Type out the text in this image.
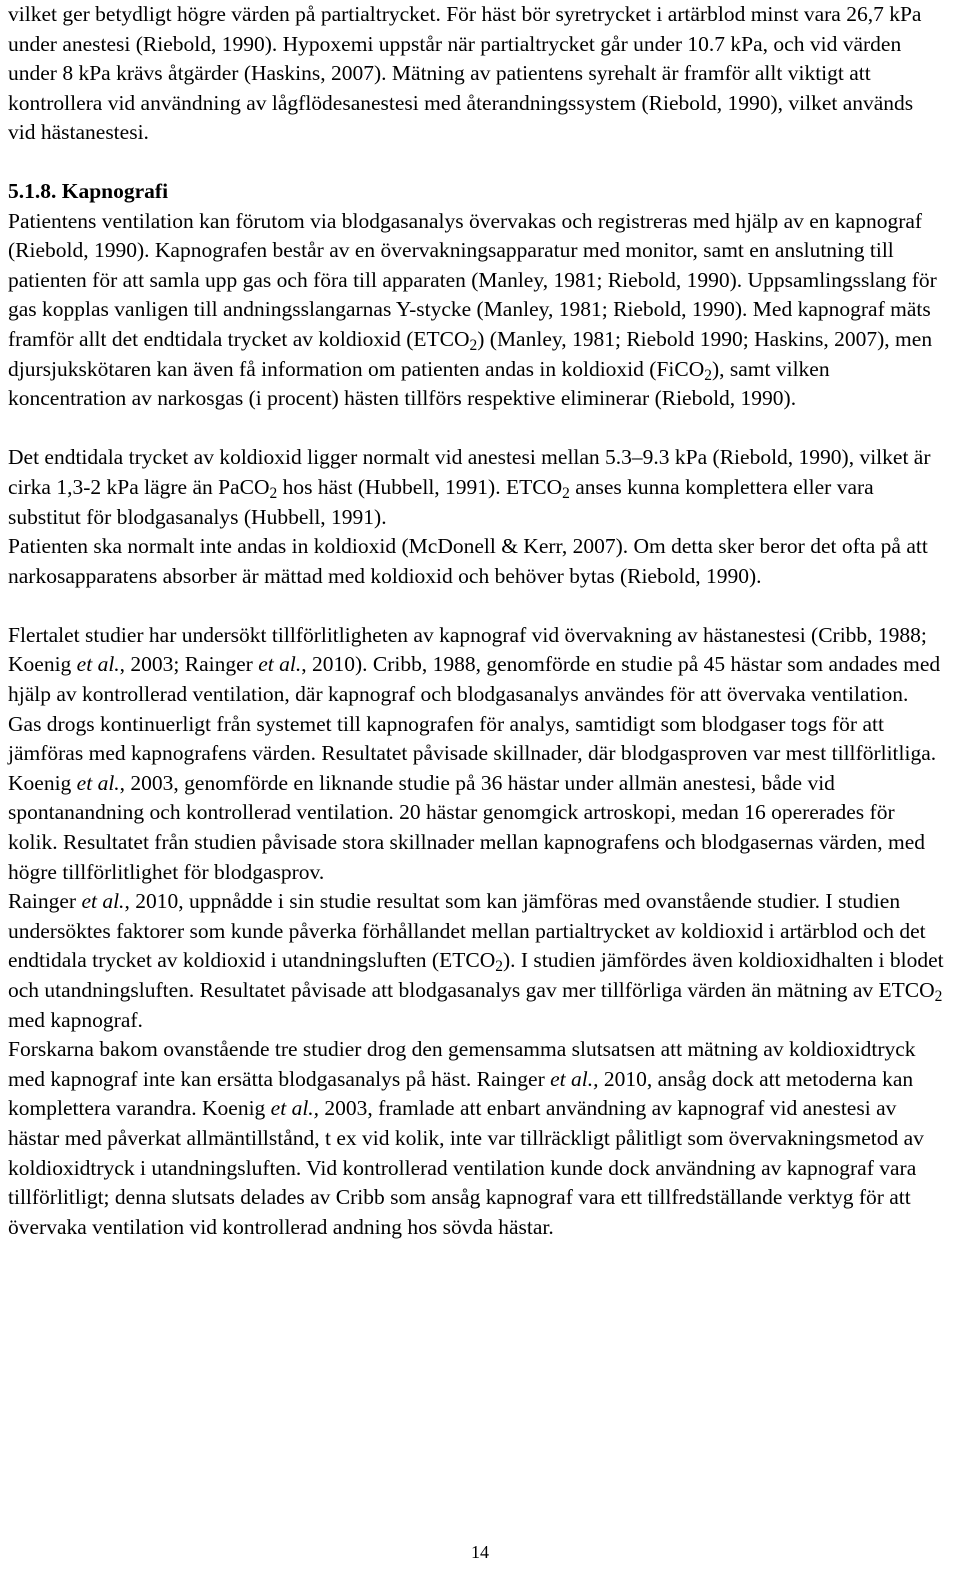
vilket ger betydligt högre värden på partialtrycket. För häst bör syretrycket i artärblod minst vara 26,7 kPa under anestesi (Riebold, 1990). Hypoxemi uppstår när partialtrycket går under 10.7 kPa, och vid värden under 8 kPa krävs åtgärder (Haskins, 2007). Mätning av patientens syrehalt är framför allt viktigt att kontrollera vid användning av lågflödesanestesi med återandningssystem (Riebold, 1990), vilket används vid hästanestesi.

5.1.8. Kapnografi

Patientens ventilation kan förutom via blodgasanalys övervakas och registreras med hjälp av en kapnograf (Riebold, 1990). Kapnografen består av en övervakningsapparatur med monitor, samt en anslutning till patienten för att samla upp gas och föra till apparaten (Manley, 1981; Riebold, 1990). Uppsamlingsslang för gas kopplas vanligen till andningsslangarnas Y-stycke (Manley, 1981; Riebold, 1990). Med kapnograf mäts framför allt det endtidala trycket av koldioxid $(ETCO_2)$ (Manley, 1981; Riebold 1990; Haskins, 2007), men djursjukskötaren kan även få information om patienten andas in koldioxid (FiCO$_2$), samt vilken koncentration av narkosgas (i procent) hästen tillförs respektive eliminerar (Riebold, 1990).

Det endtidala trycket av koldioxid ligger normalt vid anestesi mellan 5.3–9.3 kPa (Riebold, 1990), vilket är cirka 1,3-2 kPa lägre än PaCO$_2$ hos häst (Hubbell, 1991). $ETCO_2$ anses kunna komplettera eller vara substitut för blodgasanalys (Hubbell, 1991).

Patienten ska normalt inte andas in koldioxid (McDonell & Kerr, 2007). Om detta sker beror det ofta på att narkosapparatens absorber är mättad med koldioxid och behöver bytas (Riebold, 1990).

Flertalet studier har undersökt tillförlitligheten av kapnograf vid övervakning av hästanestesi (Cribb, 1988; Koenig et al., 2003; Rainger et al., 2010). Cribb, 1988, genomförde en studie på 45 hästar som andades med hjälp av kontrollerad ventilation, där kapnograf och blodgasanalys användes för att övervaka ventilation. Gas drogs kontinuerligt från systemet till kapnografen för analys, samtidigt som blodgaser togs för att jämföras med kapnografens värden. Resultatet påvisade skillnader, där blodgasproven var mest tillförlitliga.

Koenig et al., 2003, genomförde en liknande studie på 36 hästar under allmän anestesi, både vid spontanandning och kontrollerad ventilation. 20 hästar genomgick artroskopi, medan 16 opererades för kolik. Resultatet från studien påvisade stora skillnader mellan kapnografens och blodgasernas värden, med högre tillförlitlighet för blodgasprov.

Rainger et al., 2010, uppnådde i sin studie resultat som kan jämföras med ovanstående studier. I studien undersöktes faktorer som kunde påverka förhållandet mellan partialtrycket av koldioxid i artärblod och det endtidala trycket av koldioxid i utandningsluften $(ETCO_2)$. I studien jämfördes även koldioxidhalten i blodet och utandningsluften. Resultatet påvisade att blodgasanalys gav mer tillförliga värden än mätning av $ETCO_2$ med kapnograf.

Forskarna bakom ovanstående tre studier drog den gemensamma slutsatsen att mätning av koldioxidtryck med kapnograf inte kan ersätta blodgasanalys på häst. Rainger et al., 2010, ansåg dock att metoderna kan komplettera varandra. Koenig et al., 2003, framlade att enbart användning av kapnograf vid anestesi av hästar med påverkat allmäntillstånd, t ex vid kolik, inte var tillräckligt pålitligt som övervakningsmetod av koldioxidtryck i utandningsluften. Vid kontrollerad ventilation kunde dock användning av kapnograf vara tillförlitligt; denna slutsats delades av Cribb som ansåg kapnograf vara ett tillfredställande verktyg för att övervaka ventilation vid kontrollerad andning hos sövda hästar.

14
